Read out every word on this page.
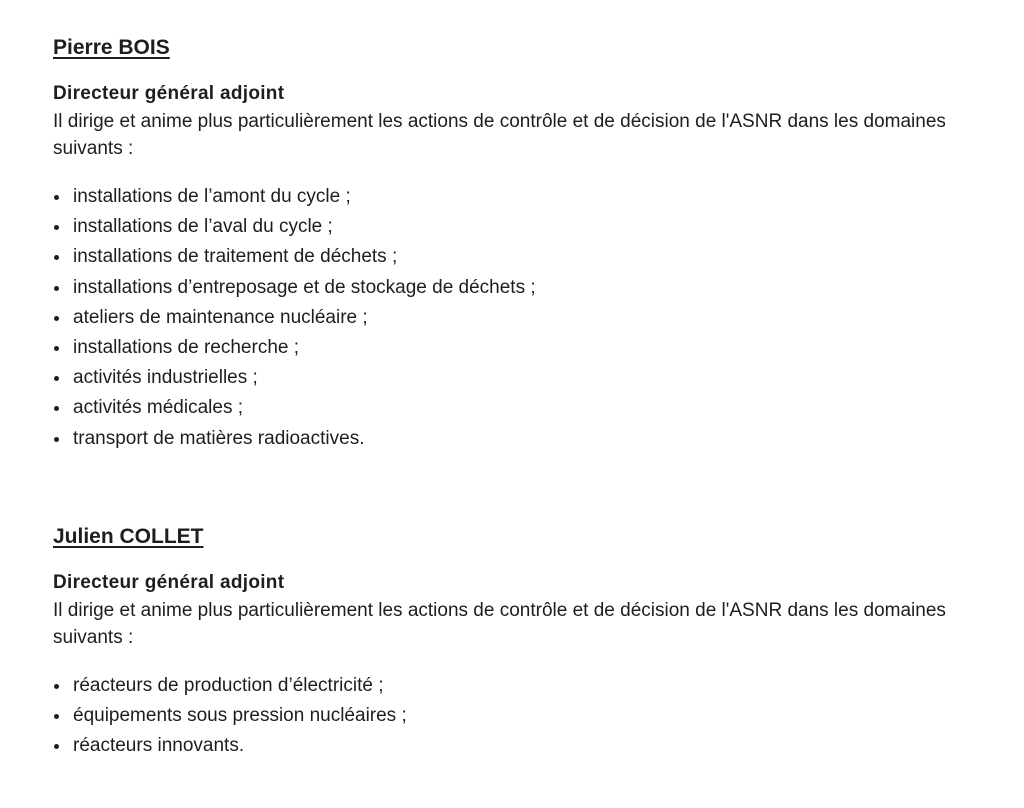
Pierre BOIS

Directeur général adjoint

Il dirige et anime plus particulièrement les actions de contrôle et de décision de l'ASNR dans les domaines suivants :

installations de l’amont du cycle ;
installations de l’aval du cycle ;
installations de traitement de déchets ;
installations d’entreposage et de stockage de déchets ;
ateliers de maintenance nucléaire ;
installations de recherche ;
activités industrielles ;
activités médicales ;
transport de matières radioactives.
Julien COLLET

Directeur général adjoint

Il dirige et anime plus particulièrement les actions de contrôle et de décision de l'ASNR dans les domaines suivants :

réacteurs de production d’électricité ;
équipements sous pression nucléaires ;
réacteurs innovants.
